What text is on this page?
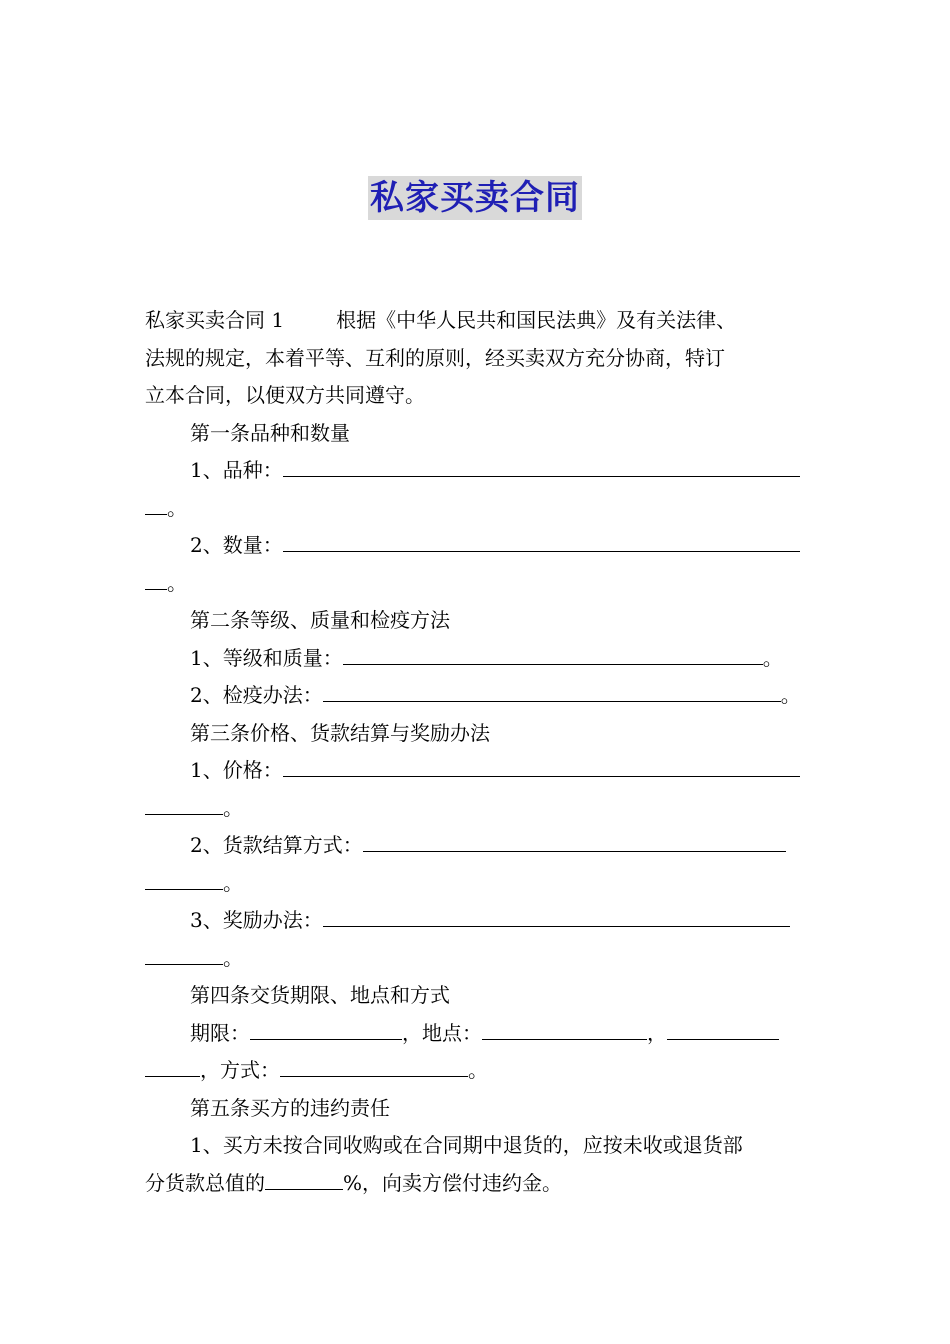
私家买卖合同
私家买卖合同 1	根据《中华人民共和国民法典》及有关法律、
法规的规定，本着平等、互利的原则，经买卖双方充分协商，特订
立本合同，以便双方共同遵守。
第一条品种和数量
1、品种：
。
2、数量：
。
第二条等级、质量和检疫方法
1、等级和质量：	。
2、检疫办法：	。
第三条价格、货款结算与奖励办法
1、价格：
。
2、货款结算方式：
。
3、奖励办法：
。
第四条交货期限、地点和方式
期限：	，地点：	，
，方式：	。
第五条买方的违约责任
1、买方未按合同收购或在合同期中退货的，应按未收或退货部
分货款总值的	%，向卖方偿付违约金。
